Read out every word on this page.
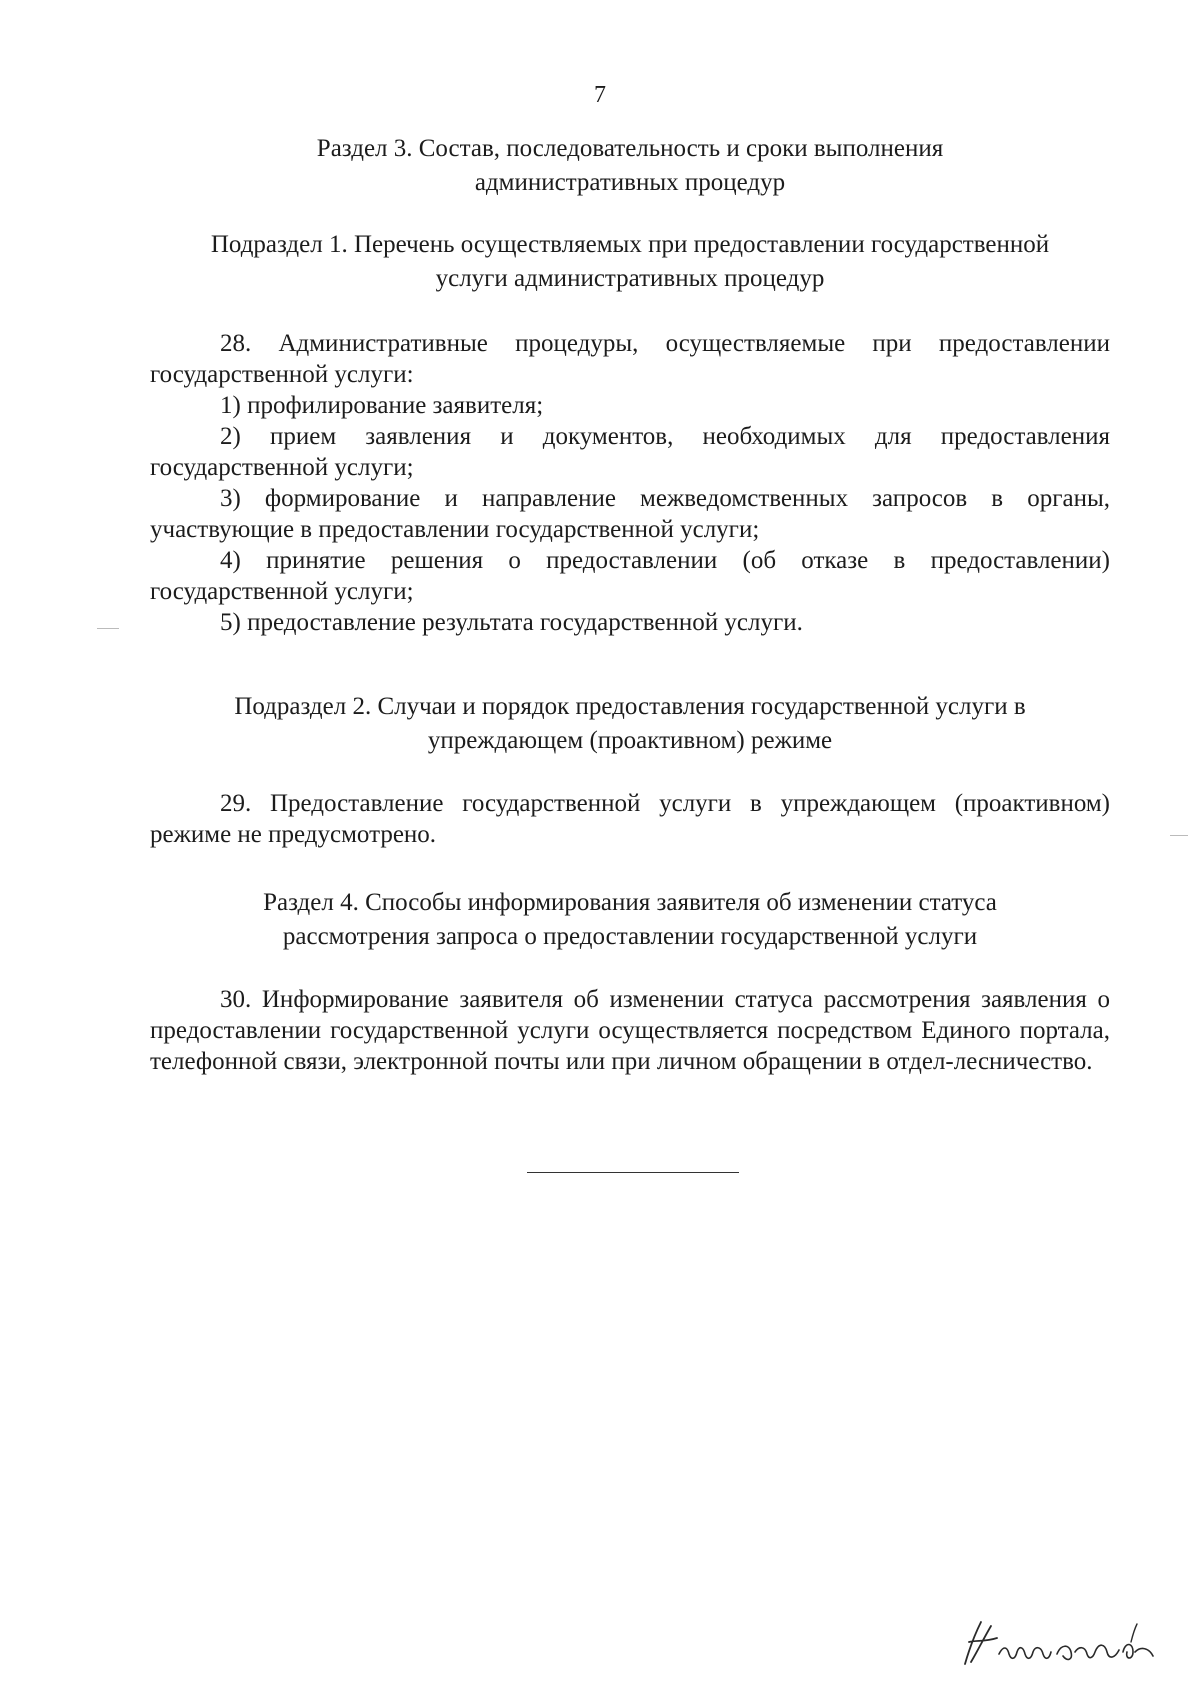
7
Раздел 3. Состав, последовательность и сроки выполнения
административных процедур
Подраздел 1. Перечень осуществляемых при предоставлении государственной
услуги административных процедур

28. Административные процедуры, осуществляемые при предоставлении государственной услуги:

1) профилирование заявителя;

2) прием заявления и документов, необходимых для предоставления государственной услуги;

3) формирование и направление межведомственных запросов в органы, участвующие в предоставлении государственной услуги;

4) принятие решения о предоставлении (об отказе в предоставлении) государственной услуги;

5) предоставление результата государственной услуги.

Подраздел 2. Случаи и порядок предоставления государственной услуги в
упреждающем (проактивном) режиме

29. Предоставление государственной услуги в упреждающем (проактивном) режиме не предусмотрено.

Раздел 4. Способы информирования заявителя об изменении статуса
рассмотрения запроса о предоставлении государственной услуги

30. Информирование заявителя об изменении статуса рассмотрения заявления о предоставлении государственной услуги осуществляется посредством Единого портала, телефонной связи, электронной почты или при личном обращении в отдел-лесничество.
